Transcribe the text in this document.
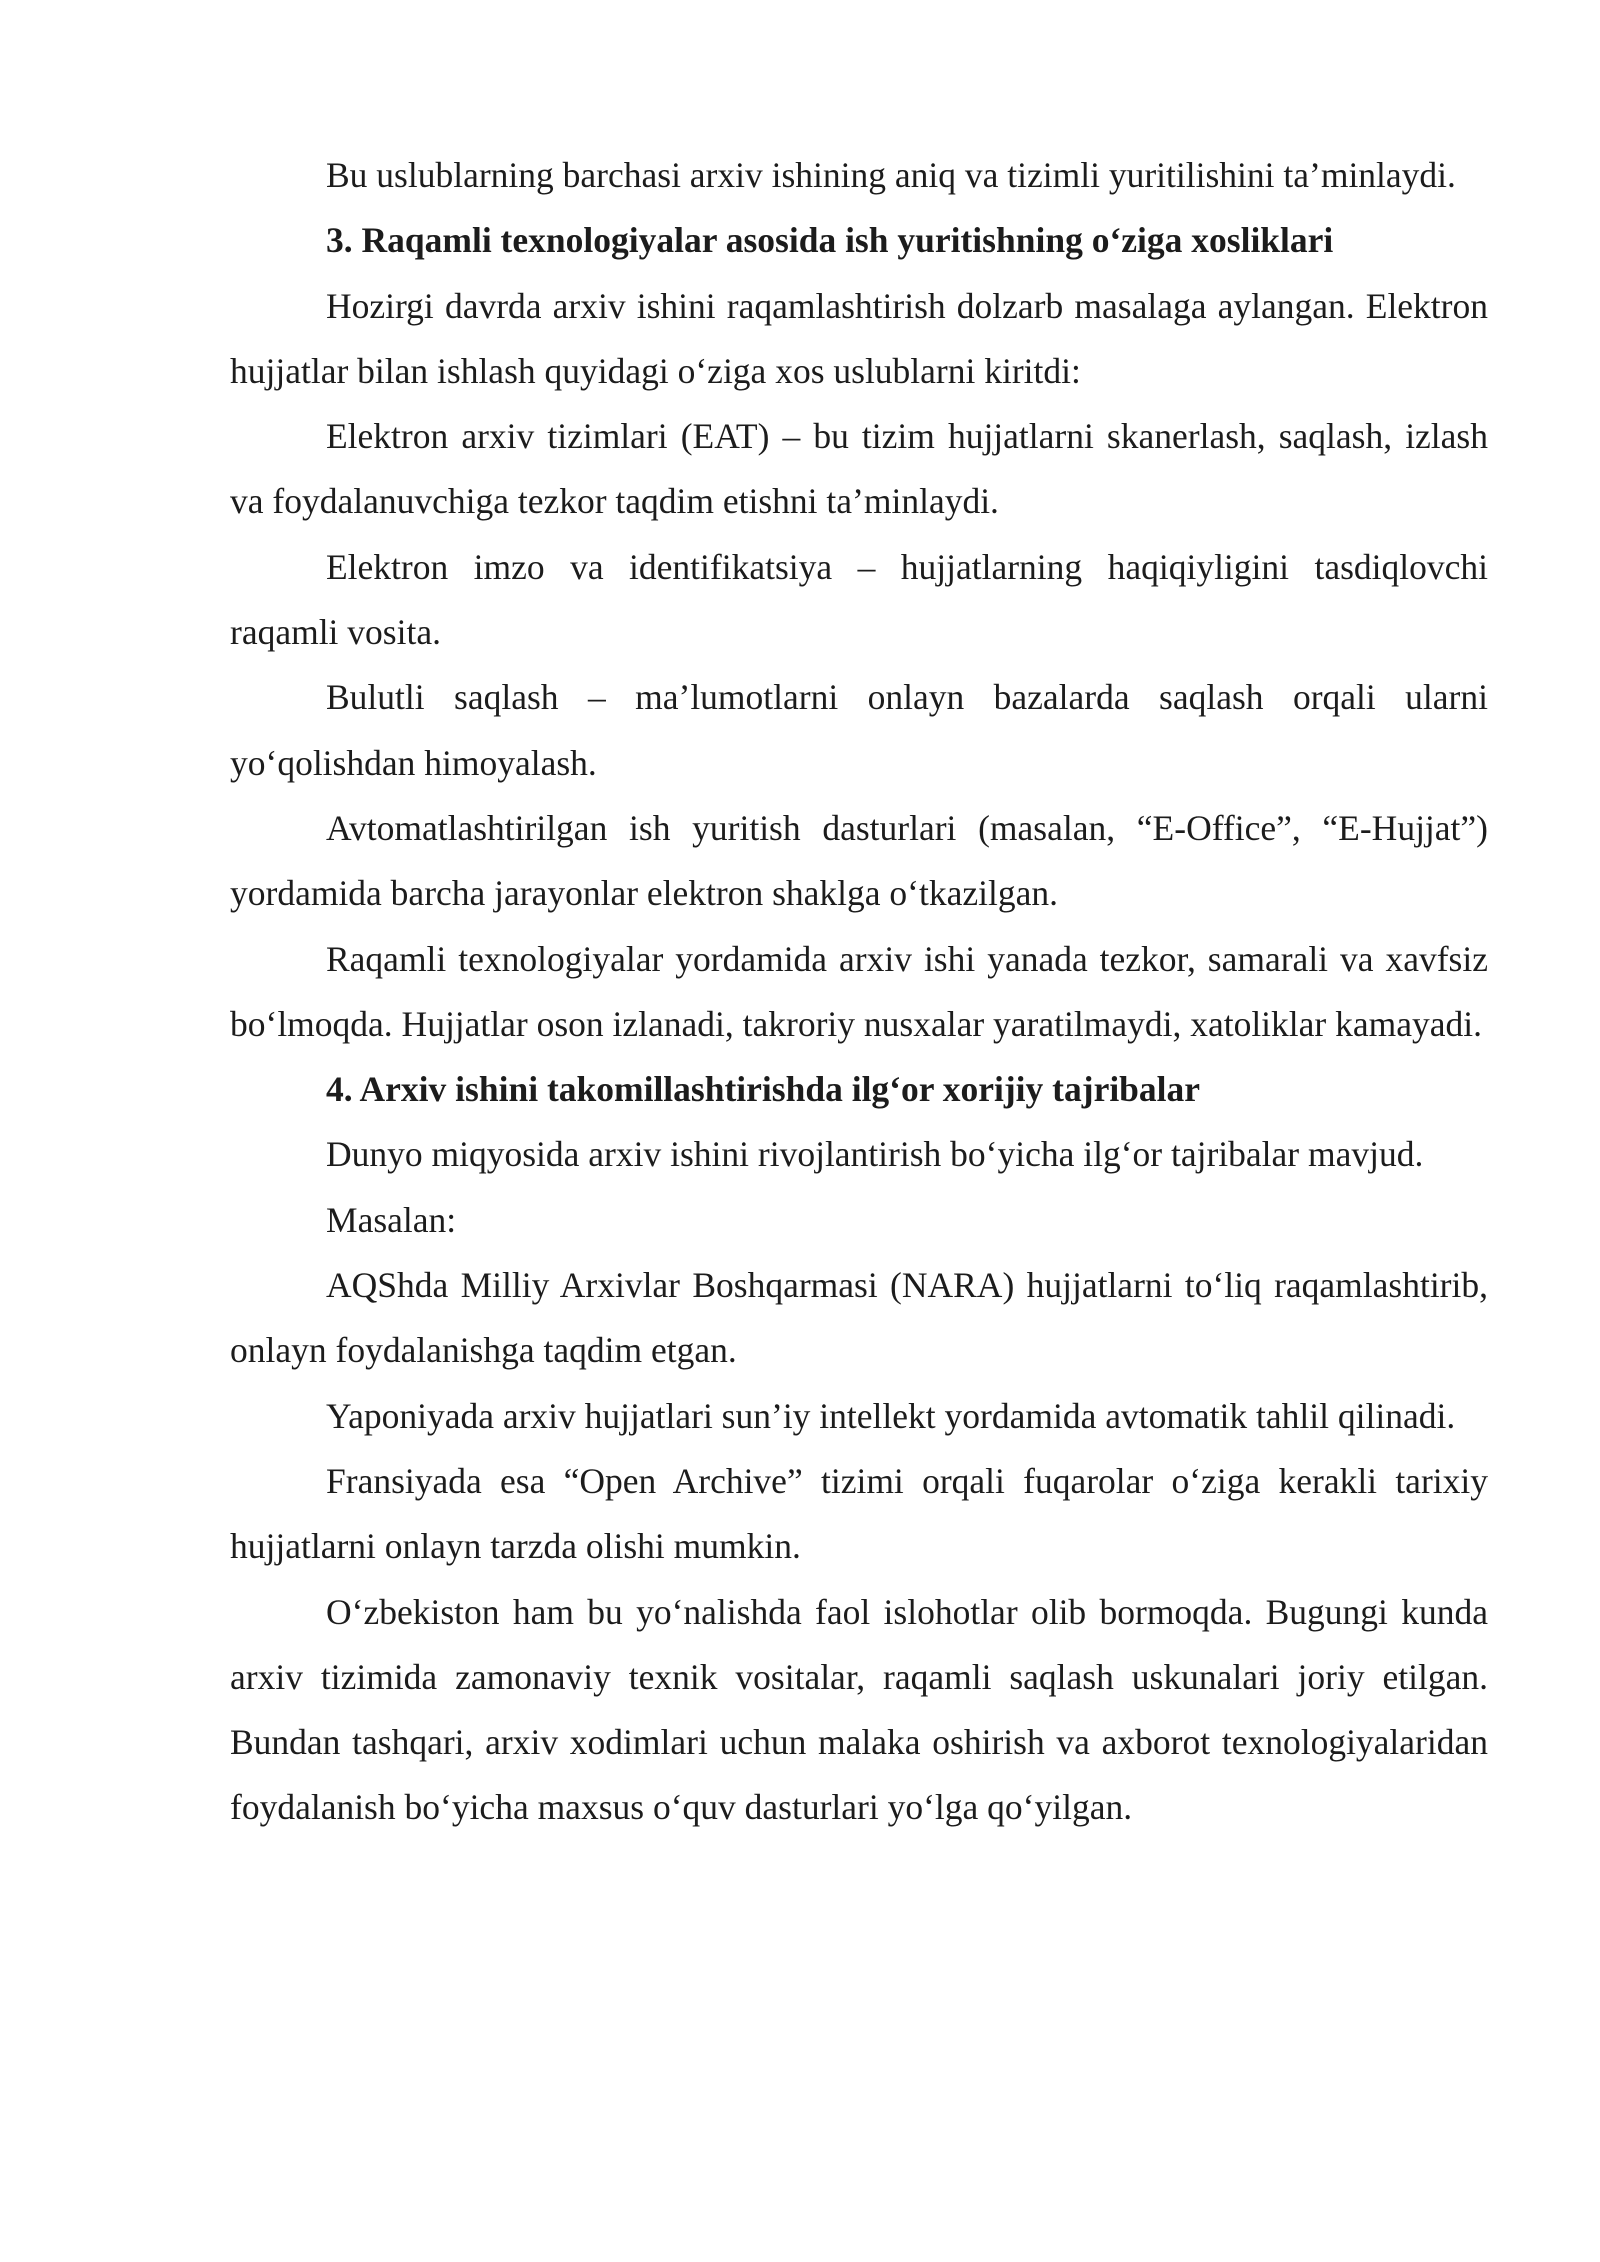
Bu uslublarning barchasi arxiv ishining aniq va tizimli yuritilishini ta’minlaydi.

3. Raqamli texnologiyalar asosida ish yuritishning o‘ziga xosliklari

Hozirgi davrda arxiv ishini raqamlashtirish dolzarb masalaga aylangan. Elektron hujjatlar bilan ishlash quyidagi o‘ziga xos uslublarni kiritdi:

Elektron arxiv tizimlari (EAT) – bu tizim hujjatlarni skanerlash, saqlash, izlash va foydalanuvchiga tezkor taqdim etishni ta’minlaydi.

Elektron imzo va identifikatsiya – hujjatlarning haqiqiyligini tasdiqlovchi raqamli vosita.

Bulutli saqlash – ma’lumotlarni onlayn bazalarda saqlash orqali ularni yo‘qolishdan himoyalash.

Avtomatlashtirilgan ish yuritish dasturlari (masalan, “E-Office”, “E-Hujjat”) yordamida barcha jarayonlar elektron shaklga o‘tkazilgan.

Raqamli texnologiyalar yordamida arxiv ishi yanada tezkor, samarali va xavfsiz bo‘lmoqda. Hujjatlar oson izlanadi, takroriy nusxalar yaratilmaydi, xatoliklar kamayadi.

4. Arxiv ishini takomillashtirishda ilg‘or xorijiy tajribalar

Dunyo miqyosida arxiv ishini rivojlantirish bo‘yicha ilg‘or tajribalar mavjud.

Masalan:

AQShda Milliy Arxivlar Boshqarmasi (NARA) hujjatlarni to‘liq raqamlashtirib, onlayn foydalanishga taqdim etgan.

Yaponiyada arxiv hujjatlari sun’iy intellekt yordamida avtomatik tahlil qilinadi.

Fransiyada esa “Open Archive” tizimi orqali fuqarolar o‘ziga kerakli tarixiy hujjatlarni onlayn tarzda olishi mumkin.

O‘zbekiston ham bu yo‘nalishda faol islohotlar olib bormoqda. Bugungi kunda arxiv tizimida zamonaviy texnik vositalar, raqamli saqlash uskunalari joriy etilgan. Bundan tashqari, arxiv xodimlari uchun malaka oshirish va axborot texnologiyalaridan foydalanish bo‘yicha maxsus o‘quv dasturlari yo‘lga qo‘yilgan.
